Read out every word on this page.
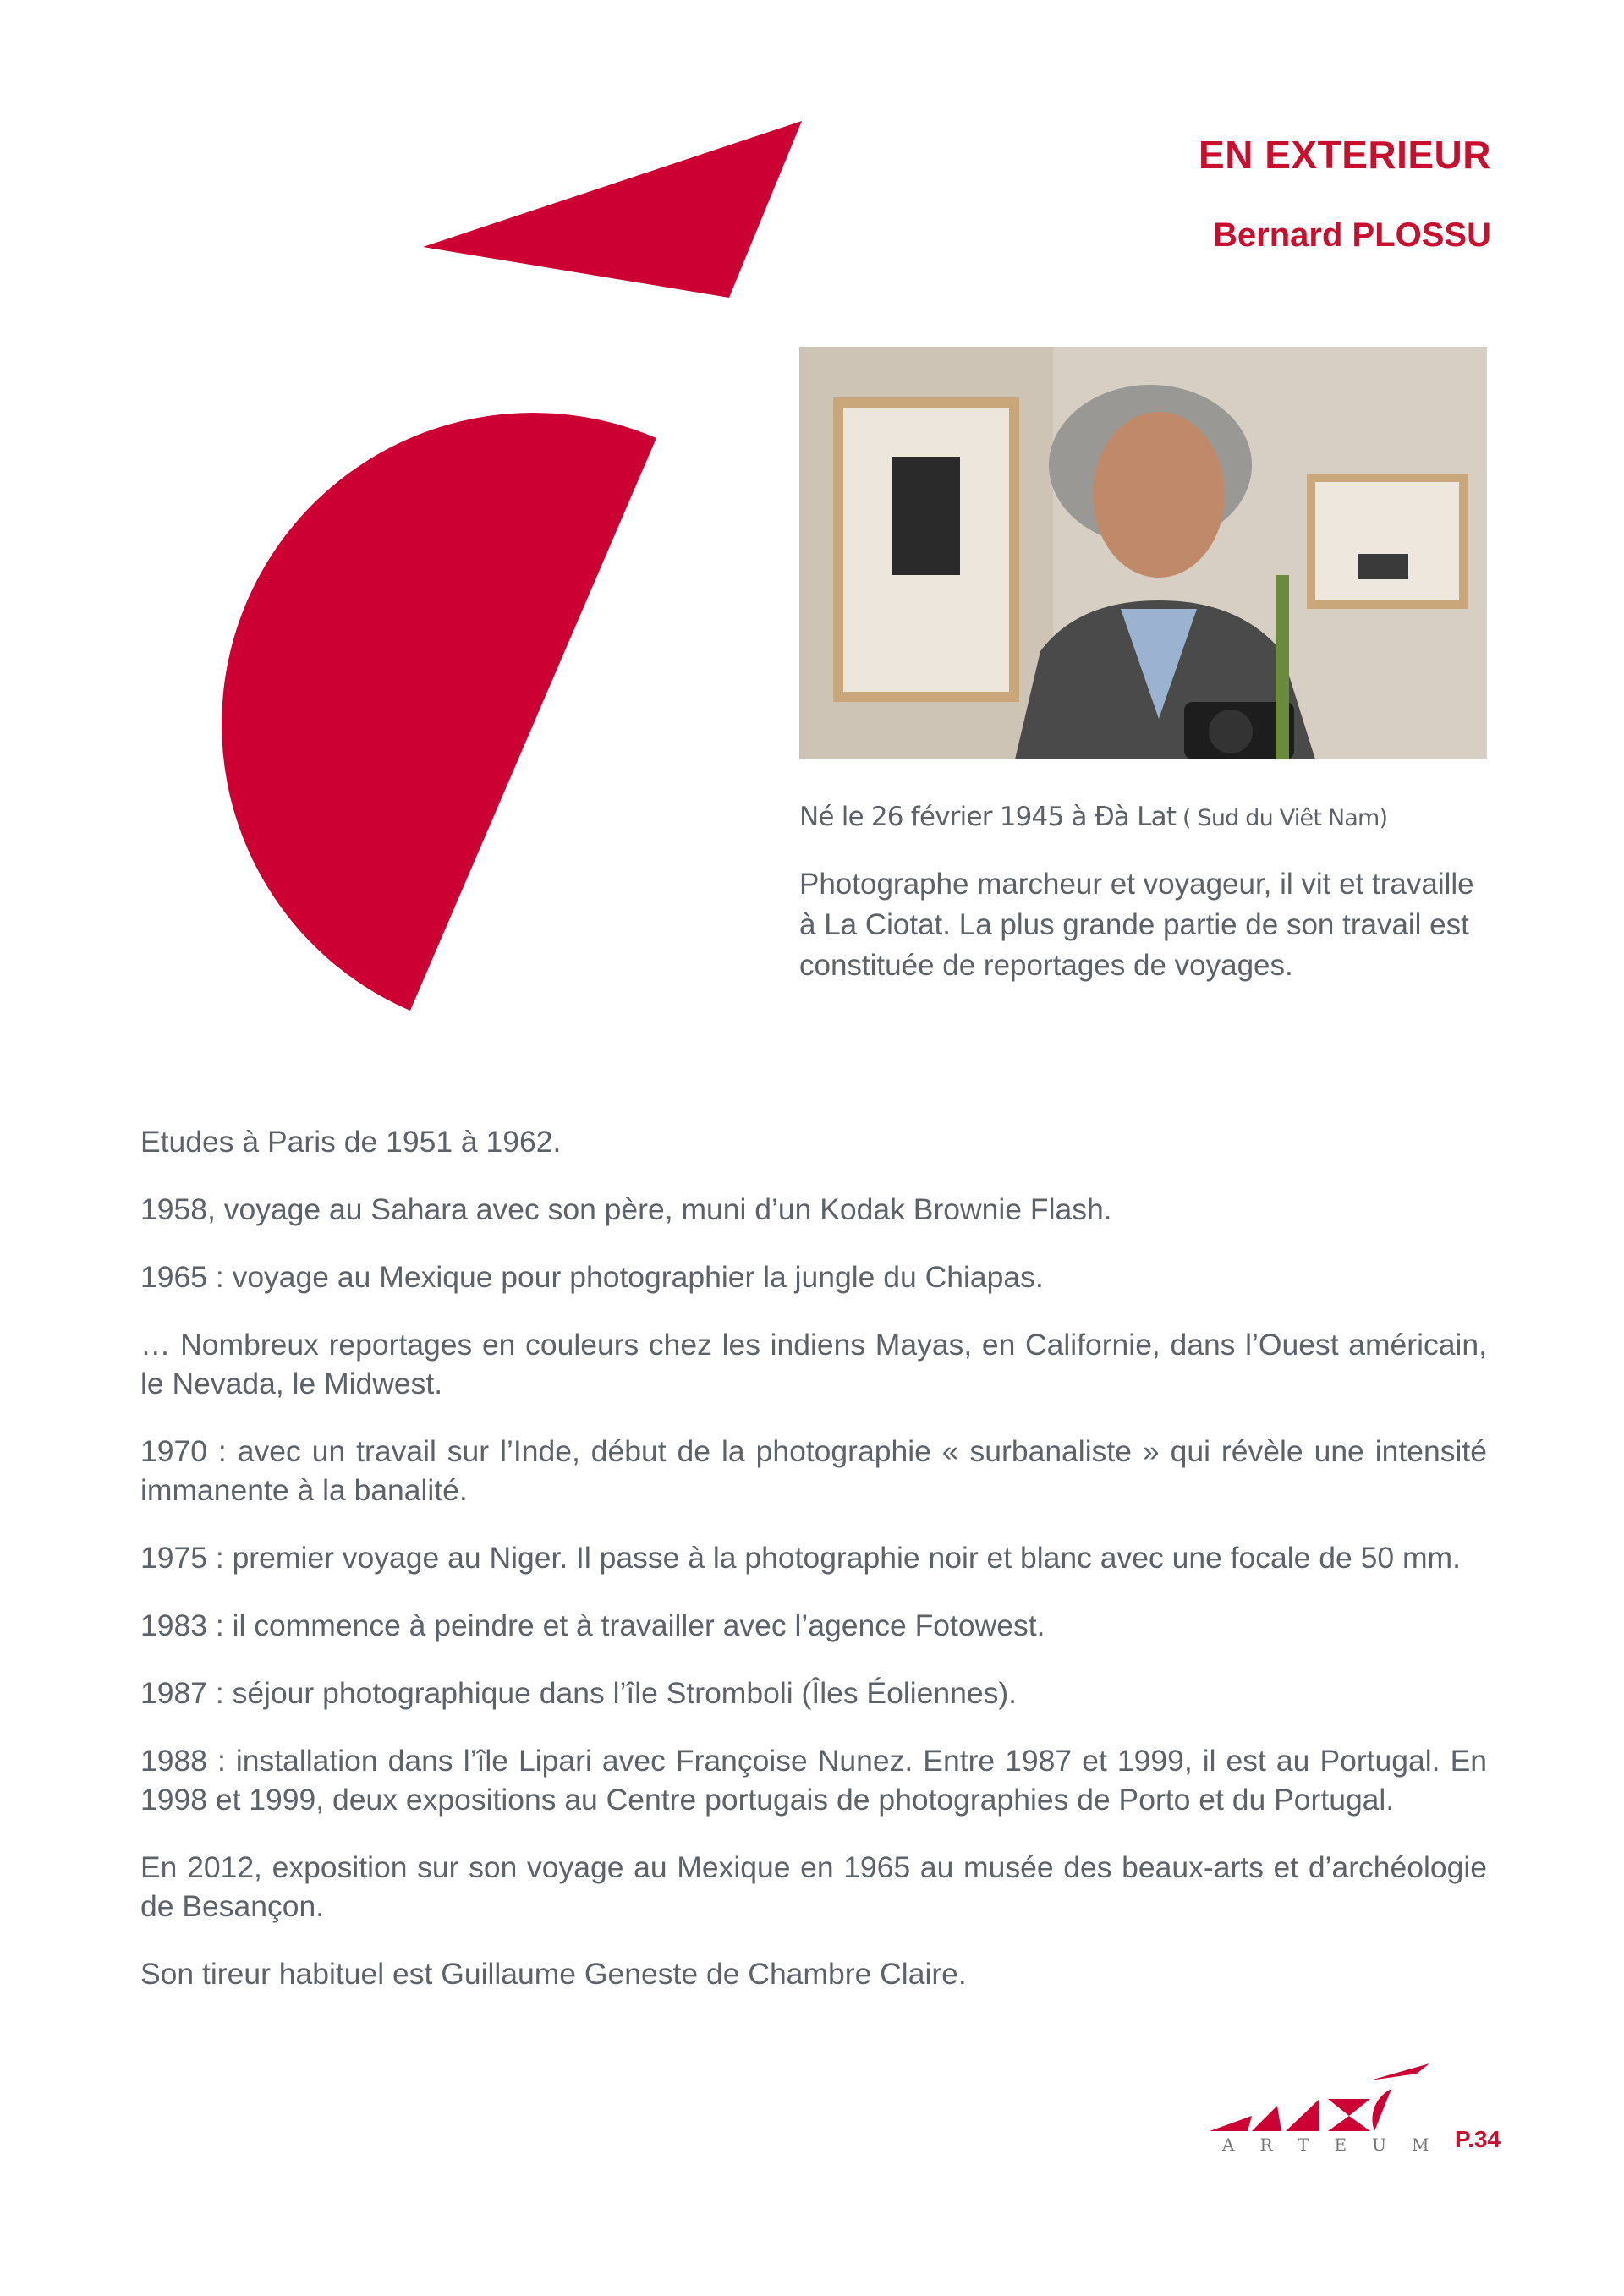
EN EXTERIEUR
Bernard PLOSSU
Né le 26 février 1945 à Đà Lat ( Sud du Viêt Nam)

Photographe marcheur et voyageur, il vit et travaille à La Ciotat. La plus grande partie de son travail est constituée de reportages de voyages.

Etudes à Paris de 1951 à 1962.
1958, voyage au Sahara avec son père, muni d’un Kodak Brownie Flash.
1965 : voyage au Mexique pour photographier la jungle du Chiapas.
… Nombreux reportages en couleurs chez les indiens Mayas, en Californie, dans l’Ouest américain, le Nevada, le Midwest.
1970 : avec un travail sur l’Inde, début de la photographie « surbanaliste » qui révèle une intensité immanente à la banalité.
1975 : premier voyage au Niger. Il passe à la photographie noir et blanc avec une focale de 50 mm.
1983 : il commence à peindre et à travailler avec l’agence Fotowest.
1987 : séjour photographique dans l’île Stromboli (Îles Éoliennes).
1988 : installation dans l’île Lipari avec Françoise Nunez. Entre 1987 et 1999, il est au Portugal. En 1998 et 1999, deux expositions au Centre portugais de photographies de Porto et du Portugal.
En 2012, exposition sur son voyage au Mexique en 1965 au musée des beaux-arts et d’archéologie de Besançon.
Son tireur habituel est Guillaume Geneste de Chambre Claire.
ARTEUM P.34
